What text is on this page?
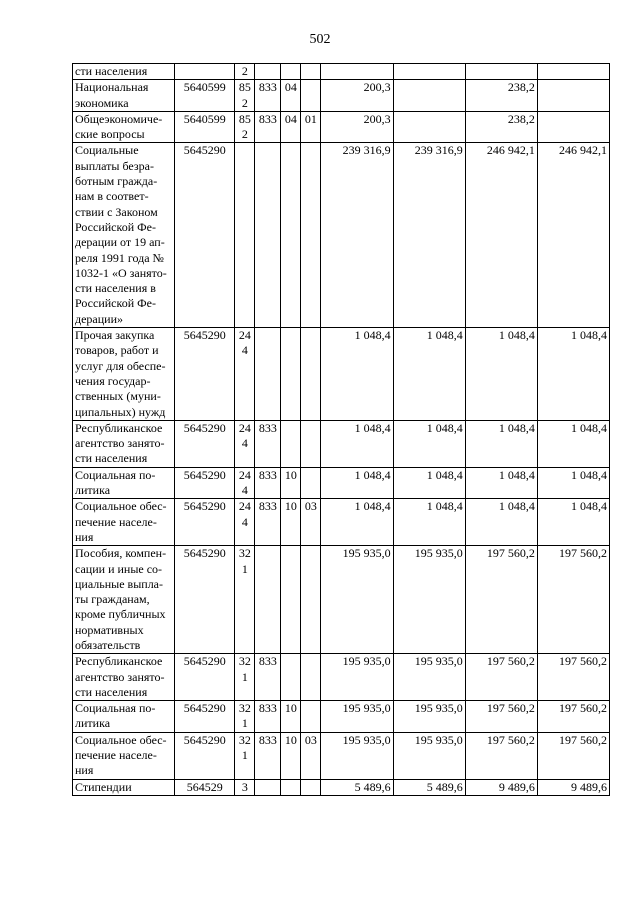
502
сти населения		2							
Национальная экономика	5640599	852	833	04		200,3		238,2	
Общеэкономиче-ские вопросы	5640599	852	833	04	01	200,3		238,2	
Социальные выплаты безра-ботным гражда-нам в соответ-ствии с Законом Российской Фе-дерации от 19 ап-реля 1991 года № 1032-1 «О занято-сти населения в Российской Фе-дерации»	5645290					239 316,9	239 316,9	246 942,1	246 942,1
Прочая закупка товаров, работ и услуг для обеспе-чения государ-ственных (муни-ципальных) нужд	5645290	244				1 048,4	1 048,4	1 048,4	1 048,4
Республиканское агентство занято-сти населения	5645290	244	833			1 048,4	1 048,4	1 048,4	1 048,4
Социальная по-литика	5645290	244	833	10		1 048,4	1 048,4	1 048,4	1 048,4
Социальное обес-печение населе-ния	5645290	244	833	10	03	1 048,4	1 048,4	1 048,4	1 048,4
Пособия, компен-сации и иные со-циальные выпла-ты гражданам, кроме публичных нормативных обязательств	5645290	321				195 935,0	195 935,0	197 560,2	197 560,2
Республиканское агентство занято-сти населения	5645290	321	833			195 935,0	195 935,0	197 560,2	197 560,2
Социальная по-литика	5645290	321	833	10		195 935,0	195 935,0	197 560,2	197 560,2
Социальное обес-печение населе-ния	5645290	321	833	10	03	195 935,0	195 935,0	197 560,2	197 560,2
Стипендии	564529	3				5 489,6	5 489,6	9 489,6	9 489,6
